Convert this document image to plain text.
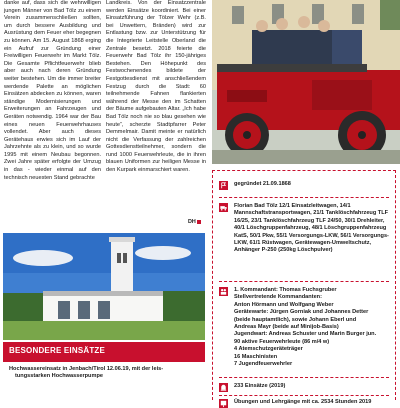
danke auf, dass sich die wehrwilligen jungen Männer von Bad Tölz zu einem Verein zusammenschließen sollten, um durch bessere Ausbildung und Ausrüstung dem Feuer eher begegnen zu können. Am 15. August 1868 erging ein Aufruf zur Gründung einer Freiwilligen Feuerwehr im Markt Tölz. Die Gesamte Pflichtfeuerwehr blieb aber auch nach deren Gründung weiter bestehen. Um die immer breiter werdende Palette an möglichen Einsätzen abdecken zu können, waren ständige Modernisierungen und Erweiterungen an Fahrzeugen und Geräten notwendig. 1964 war der Bau eines neuen Feuerwehrhauses vollendet. Aber auch dieses Gerätehaus erwies sich im Lauf der Jahrzehnte als zu klein, und so wurde 1995 mit einem Neubau begonnen. Zwei Jahre später erfolgte der Umzug in das - wieder einmal auf den technisch neuesten Stand gebrachte

Landkreis. Von der Einsatzzentrale werden Einsätze koordiniert. Bei einer Einsatzführung der Tölzer Wehr (z.B. bei Unwettern, Bränden) wird zur Entlastung bzw. zur Unterstützung für die Integrierte Leitstelle Oberland die Zentrale besetzt. 2018 feierte die Feuerwehr Bad Tölz ihr 150-jähriges Bestehen. Den Höhepunkt des Festwochenendes bildete der Festgottesdienst mit anschließendem Festzug durch die Stadt: 60 teilnehmende Fahnen flankierten während der Messe den im Schatten der Bäume aufgebauten Altar. „Ich habe Bad Tölz noch nie so blau gesehen wie heute“, scherzte Stadtpfarrer Peter Demmelmair. Damit meinte er natürlich nicht die Verfassung der zahlreichen Gottesdienstteilnehmer, sondern die rund 1000 Feuerwehrleute, die in ihren blauen Uniformen zur heiligen Messe in den Kurpark einmarschiert waren.

DH
BESONDERE EINSÄTZE
Hochwassereinsatz in Jenbach/Tirol 12.06.19, mit der leis-
tungsstarken Hochwasserpumpe
gegründet 21.09.1868
Florian Bad Tölz 12/1 Einsatzleitwagen, 14/1 Mannschaftstransportwagen, 21/1 Tanklöschfahrzeug TLF 16/25, 23/1 Tanklöschfahrzeug TLF 24/50, 30/1 Drehleiter, 40/1 Löschgruppenfahrzeug, 48/1 Löschgruppenfahrzeug KatS, 50/1 Pkw, 55/1 Versorgungs-LKW, 56/1 Versorgungs-LKW, 61/1 Rüstwagen, Gerätewagen-Umweltschutz, Anhänger P-250 (250kg Löschpulver)
1. Kommandant: Thomas Fuchsgruber
Stellvertretende Kommandanten:
Anton Hörmann und Wolfgang Weber
Gerätewarte: Jürgen Gorniak und Johannes Detter
(beide hauptamtlich), sowie Johann Eberl und
Andreas Mayr (beide auf Minijob-Basis)
Jugendwart: Andreas Schuster und Marin Burger jun.
90 aktive Feuerwehrleute (86 m/4 w)
4 Atemschutzgeräteträger
16 Maschinisten
7 Jugendfeuerwehrler
233 Einsätze (2019)
Übungen und Lehrgänge mit ca. 2534 Stunden 2019
